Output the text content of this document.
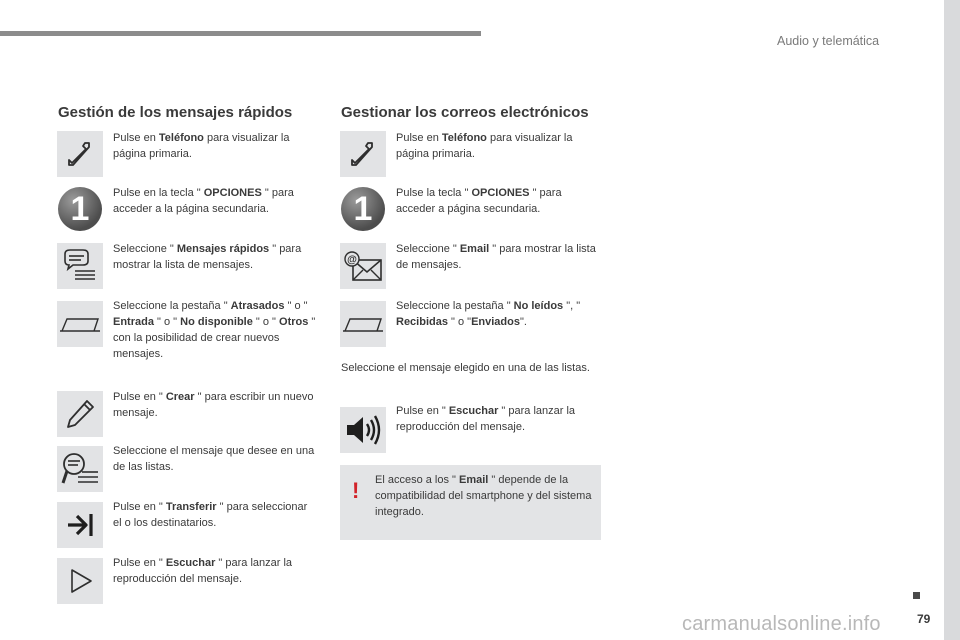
Audio y telemática
79
carmanualsonline.info
Gestión de los mensajes rápidos
Pulse en Teléfono para visualizar la página primaria.
1	Pulse en la tecla " OPCIONES " para acceder a la página secundaria.
Seleccione " Mensajes rápidos " para mostrar la lista de mensajes.
Seleccione la pestaña " Atrasados " o " Entrada " o " No disponible " o " Otros " con la posibilidad de crear nuevos mensajes.
Pulse en " Crear " para escribir un nuevo mensaje.
Seleccione el mensaje que desee en una de las listas.
Pulse en " Transferir " para seleccionar el o los destinatarios.
Pulse en " Escuchar " para lanzar la reproducción del mensaje.
Gestionar los correos electrónicos
Pulse en Teléfono para visualizar la página primaria.
1	Pulse la tecla " OPCIONES " para acceder a página secundaria.
@
Seleccione " Email " para mostrar la lista de mensajes.
Seleccione la pestaña " No leídos ", " Recibidas " o "Enviados".
Seleccione el mensaje elegido en una de las listas.
Pulse en " Escuchar " para lanzar la reproducción del mensaje.
! El acceso a los " Email " depende de la compatibilidad del smartphone y del sistema integrado.
